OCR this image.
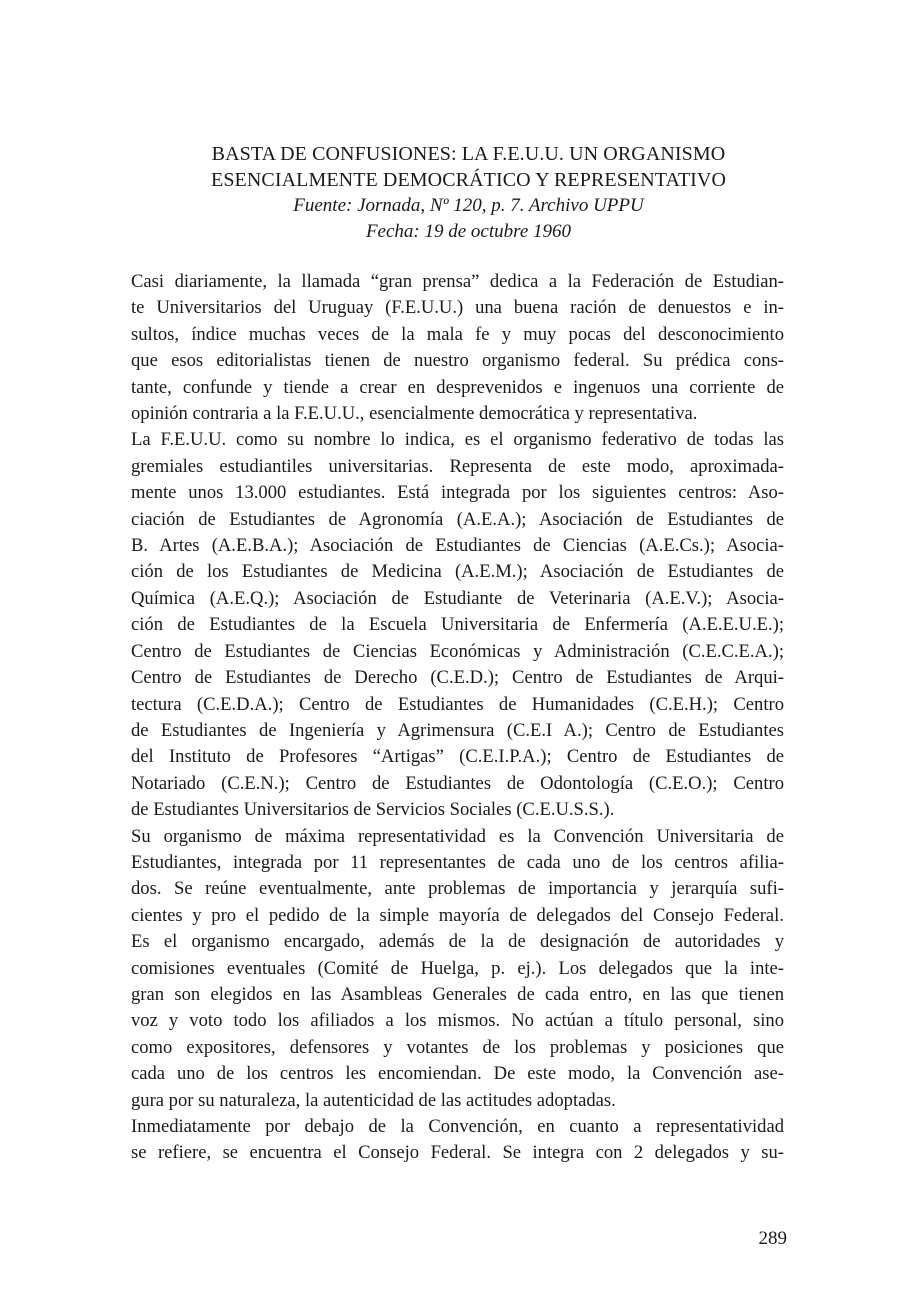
BASTA DE CONFUSIONES: LA F.E.U.U. UN ORGANISMO
ESENCIALMENTE DEMOCRÁTICO Y REPRESENTATIVO
Fuente: Jornada, Nº 120, p. 7. Archivo UPPU
Fecha: 19 de octubre 1960

Casi diariamente, la llamada “gran prensa” dedica a la Federación de Estudian-
te Universitarios del Uruguay (F.E.U.U.) una buena ración de denuestos e in-
sultos, índice muchas veces de la mala fe y muy pocas del desconocimiento
que esos editorialistas tienen de nuestro organismo federal. Su prédica cons-
tante, confunde y tiende a crear en desprevenidos e ingenuos una corriente de
opinión contraria a la F.E.U.U., esencialmente democrática y representativa.

La F.E.U.U. como su nombre lo indica, es el organismo federativo de todas las
gremiales estudiantiles universitarias. Representa de este modo, aproximada-
mente unos 13.000 estudiantes. Está integrada por los siguientes centros: Aso-
ciación de Estudiantes de Agronomía (A.E.A.); Asociación de Estudiantes de
B. Artes (A.E.B.A.); Asociación de Estudiantes de Ciencias (A.E.Cs.); Asocia-
ción de los Estudiantes de Medicina (A.E.M.); Asociación de Estudiantes de
Química (A.E.Q.); Asociación de Estudiante de Veterinaria (A.E.V.); Asocia-
ción de Estudiantes de la Escuela Universitaria de Enfermería (A.E.E.U.E.);
Centro de Estudiantes de Ciencias Económicas y Administración (C.E.C.E.A.);
Centro de Estudiantes de Derecho (C.E.D.); Centro de Estudiantes de Arqui-
tectura (C.E.D.A.); Centro de Estudiantes de Humanidades (C.E.H.); Centro
de Estudiantes de Ingeniería y Agrimensura (C.E.I A.); Centro de Estudiantes
del Instituto de Profesores “Artigas” (C.E.I.P.A.); Centro de Estudiantes de
Notariado (C.E.N.); Centro de Estudiantes de Odontología (C.E.O.); Centro
de Estudiantes Universitarios de Servicios Sociales (C.E.U.S.S.).

Su organismo de máxima representatividad es la Convención Universitaria de
Estudiantes, integrada por 11 representantes de cada uno de los centros afilia-
dos. Se reúne eventualmente, ante problemas de importancia y jerarquía sufi-
cientes y pro el pedido de la simple mayoría de delegados del Consejo Federal.
Es el organismo encargado, además de la de designación de autoridades y
comisiones eventuales (Comité de Huelga, p. ej.). Los delegados que la inte-
gran son elegidos en las Asambleas Generales de cada entro, en las que tienen
voz y voto todo los afiliados a los mismos. No actúan a título personal, sino
como expositores, defensores y votantes de los problemas y posiciones que
cada uno de los centros les encomiendan. De este modo, la Convención ase-
gura por su naturaleza, la autenticidad de las actitudes adoptadas.

Inmediatamente por debajo de la Convención, en cuanto a representatividad
se refiere, se encuentra el Consejo Federal. Se integra con 2 delegados y su-

289
